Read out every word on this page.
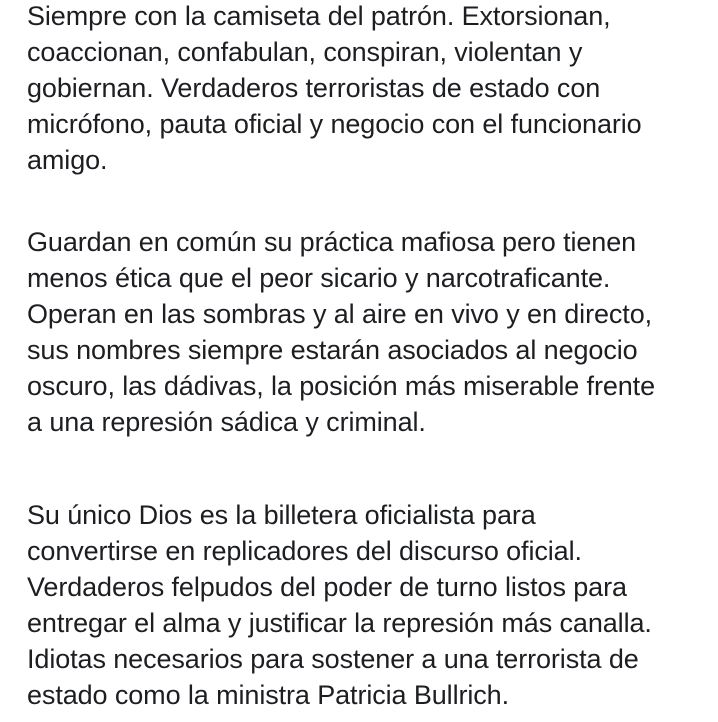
Siempre con la camiseta del patrón. Extorsionan,
coaccionan, confabulan, conspiran, violentan y
gobiernan. Verdaderos terroristas de estado con
micrófono, pauta oficial y negocio con el funcionario
amigo.

Guardan en común su práctica mafiosa pero tienen
menos ética que el peor sicario y narcotraficante.
Operan en las sombras y al aire en vivo y en directo,
sus nombres siempre estarán asociados al negocio
oscuro, las dádivas, la posición más miserable frente
a una represión sádica y criminal.

Su único Dios es la billetera oficialista para
convertirse en replicadores del discurso oficial.
Verdaderos felpudos del poder de turno listos para
entregar el alma y justificar la represión más canalla.
Idiotas necesarios para sostener a una terrorista de
estado como la ministra Patricia Bullrich.
